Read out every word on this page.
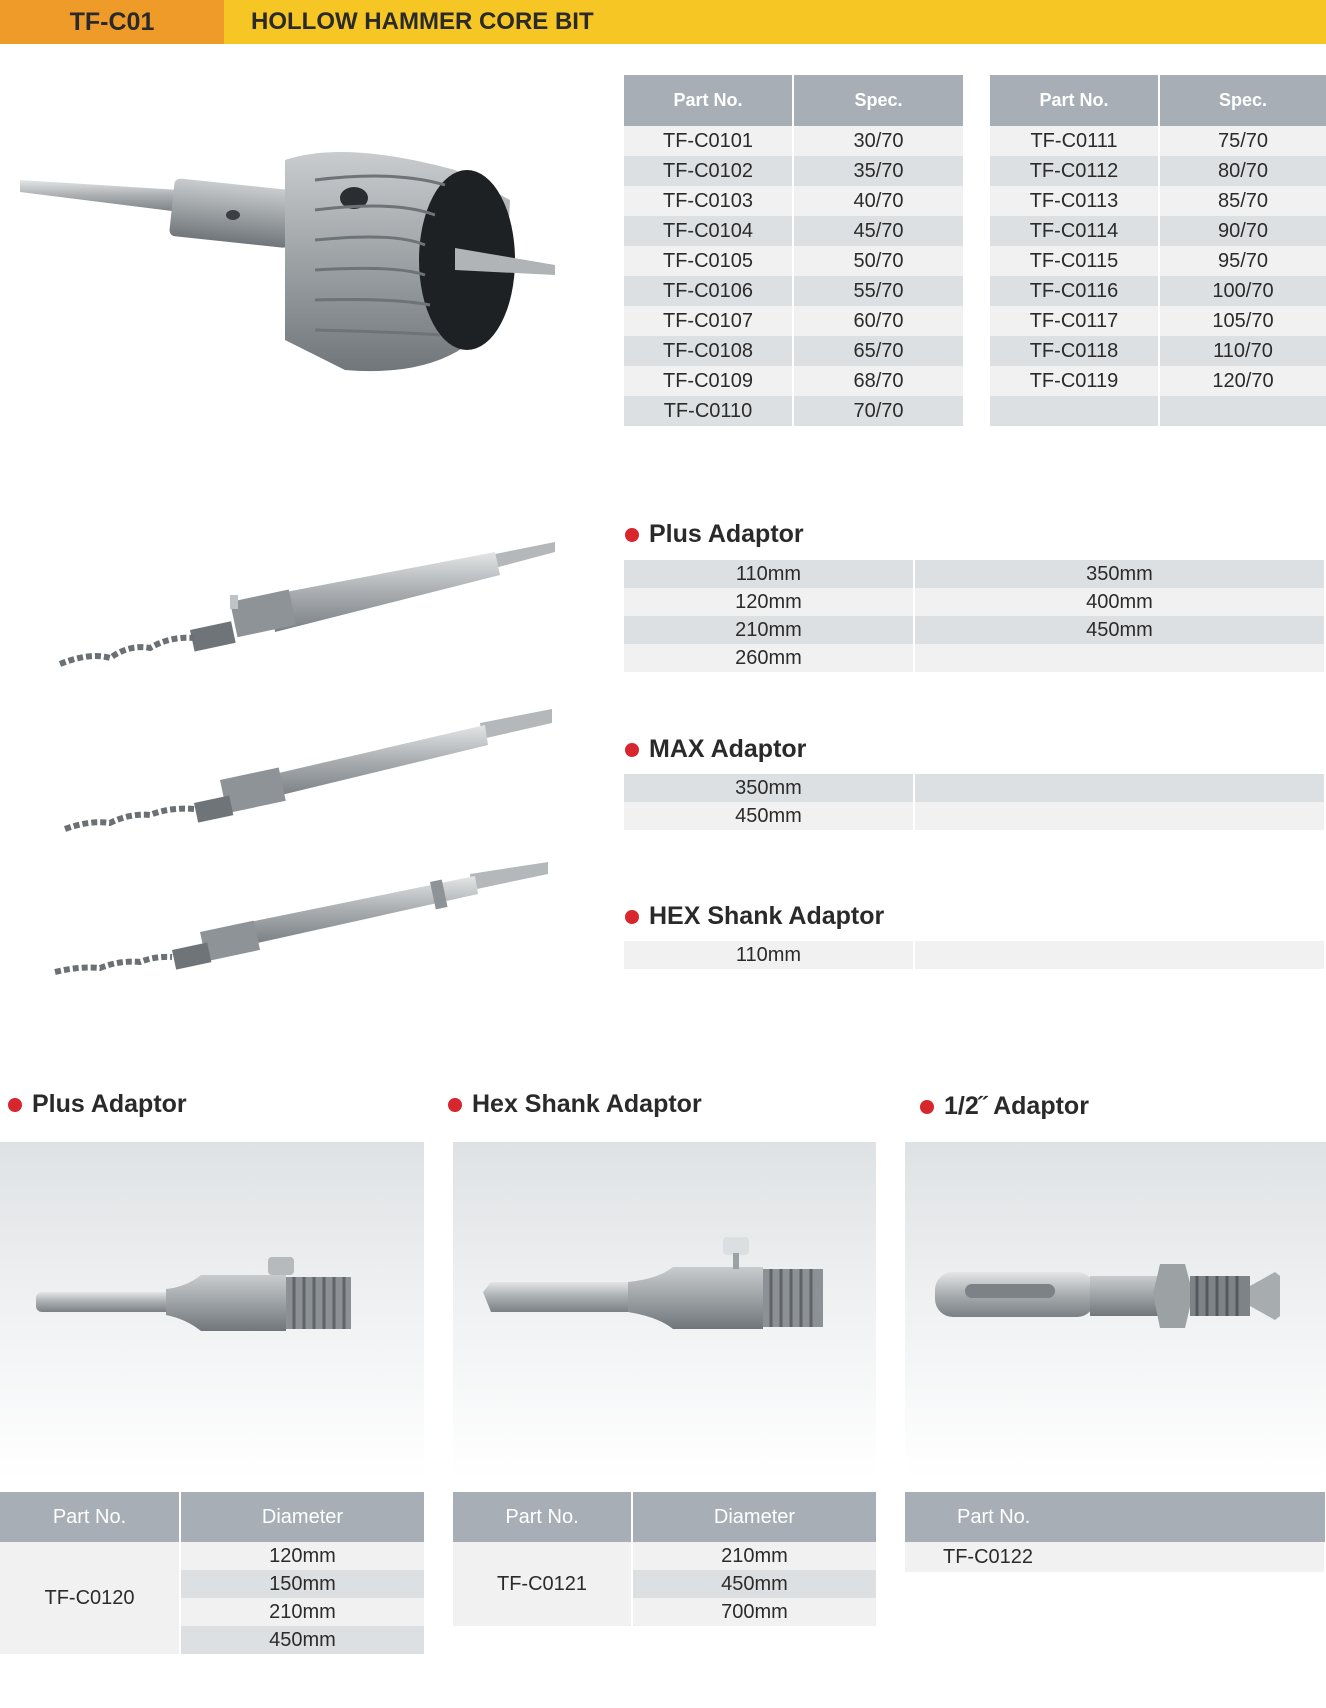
TF-C01	HOLLOW HAMMER CORE BIT
Part No.	Spec.
TF-C0101	30/70
TF-C0102	35/70
TF-C0103	40/70
TF-C0104	45/70
TF-C0105	50/70
TF-C0106	55/70
TF-C0107	60/70
TF-C0108	65/70
TF-C0109	68/70
TF-C0110	70/70
Part No.	Spec.
TF-C0111	75/70
TF-C0112	80/70
TF-C0113	85/70
TF-C0114	90/70
TF-C0115	95/70
TF-C0116	100/70
TF-C0117	105/70
TF-C0118	110/70
TF-C0119	120/70

Plus Adaptor
110mm	350mm
120mm	400mm
210mm	450mm
260mm	
MAX Adaptor
350mm	
450mm	
HEX Shank Adaptor
110mm	
Plus Adaptor	Hex Shank Adaptor	1/2˝ Adaptor
Part No.	Diameter
TF-C0120	120mm
	150mm
	210mm
	450mm
Part No.	Diameter
TF-C0121	210mm
	450mm
	700mm
Part No.
TF-C0122
